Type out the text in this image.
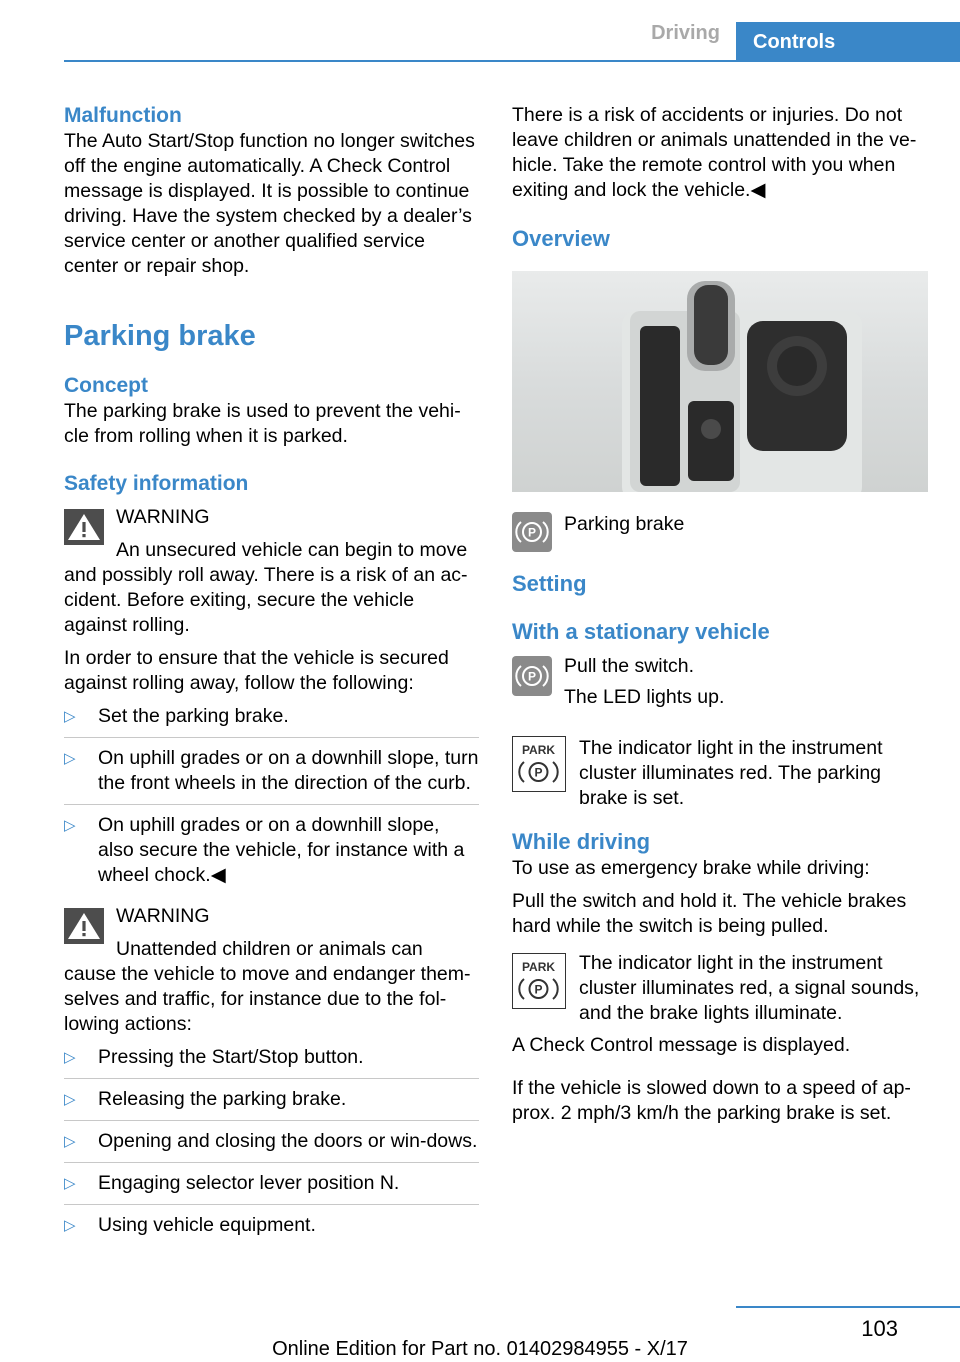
Driving	Controls
Malfunction

The Auto Start/Stop function no longer switches off the engine automatically. A Check Control message is displayed. It is possible to continue driving. Have the system checked by a dealer’s service center or another qualified service center or repair shop.

Parking brake
Concept

The parking brake is used to prevent the vehi-cle from rolling when it is parked.

Safety information

WARNING

An unsecured vehicle can begin to move and possibly roll away. There is a risk of an ac-cident. Before exiting, secure the vehicle against rolling.

In order to ensure that the vehicle is secured against rolling away, follow the following:

▷ Set the parking brake.
▷ On uphill grades or on a downhill slope, turn the front wheels in the direction of the curb.
▷ On uphill grades or on a downhill slope, also secure the vehicle, for instance with a wheel chock.◀

WARNING

Unattended children or animals can cause the vehicle to move and endanger them-selves and traffic, for instance due to the fol-lowing actions:

▷ Pressing the Start/Stop button.
▷ Releasing the parking brake.
▷ Opening and closing the doors or win-dows.
▷ Engaging selector lever position N.
▷ Using vehicle equipment.

There is a risk of accidents or injuries. Do not leave children or animals unattended in the ve-hicle. Take the remote control with you when exiting and lock the vehicle.◀

Overview
P Parking brake

Setting
With a stationary vehicle
P Pull the switch.

The LED lights up.

PARK
P

The indicator light in the instrument cluster illuminates red. The parking brake is set.

While driving

To use as emergency brake while driving:

Pull the switch and hold it. The vehicle brakes hard while the switch is being pulled.

PARK
P

The indicator light in the instrument cluster illuminates red, a signal sounds, and the brake lights illuminate.

A Check Control message is displayed.

If the vehicle is slowed down to a speed of ap-prox. 2 mph/3 km/h the parking brake is set.

103
Online Edition for Part no. 01402984955 - X/17
